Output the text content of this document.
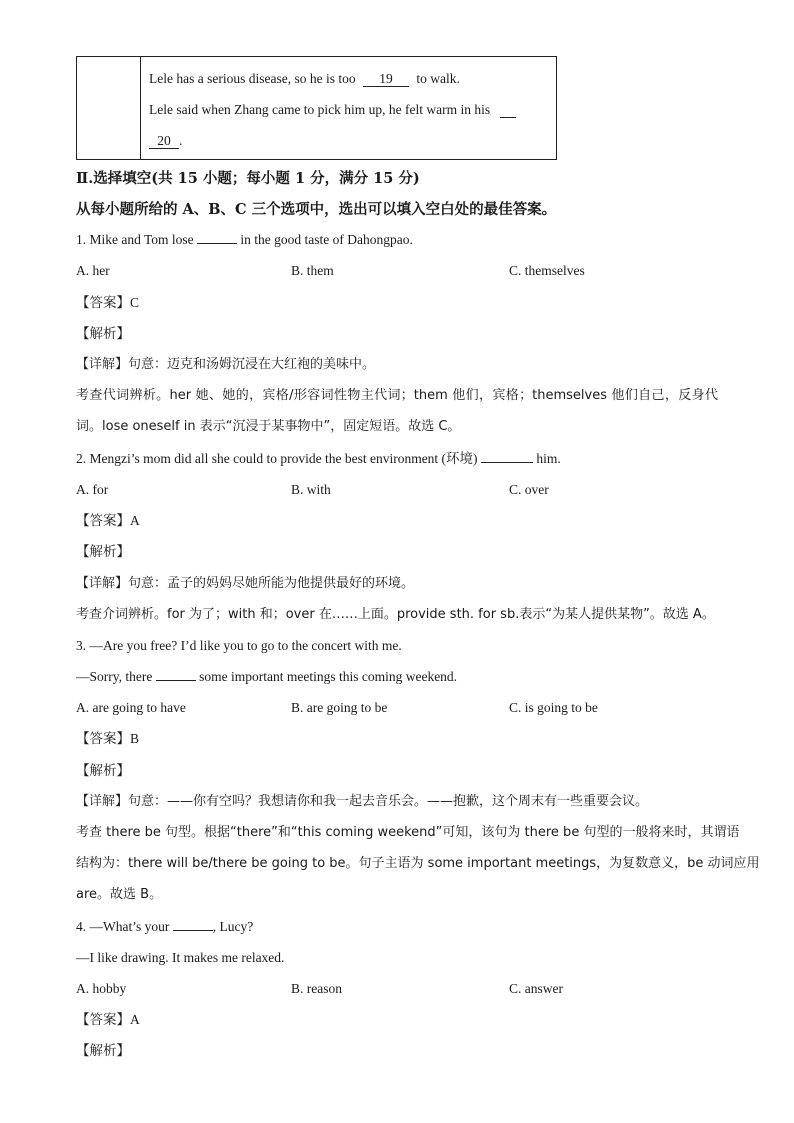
Lele has a serious disease, so he is too 19 to walk.
Lele said when Zhang came to pick him up, he felt warm in his
20 .
Ⅱ.选择填空(共 15 小题；每小题 1 分，满分 15 分)
从每小题所给的 A、B、C 三个选项中，选出可以填入空白处的最佳答案。
1. Mike and Tom lose	in the good taste of Dahongpao.
A. her	B. them	C. themselves
【答案】C
【解析】
【详解】句意：迈克和汤姆沉浸在大红袍的美味中。
考查代词辨析。her 她、她的，宾格/形容词性物主代词；them 他们，宾格；themselves 他们自己，反身代
词。lose oneself in 表示“沉浸于某事物中”，固定短语。故选 C。
2. Mengzi’s mom did all she could to provide the best environment (环境)	him.
A. for	B. with	C. over
【答案】A
【解析】
【详解】句意：孟子的妈妈尽她所能为他提供最好的环境。
考查介词辨析。for 为了；with 和；over 在……上面。provide sth. for sb.表示“为某人提供某物”。故选 A。
3. —Are you free? I’d like you to go to the concert with me.
—Sorry, there	some important meetings this coming weekend.
A. are going to have	B. are going to be	C. is going to be
【答案】B
【解析】
【详解】句意：——你有空吗？我想请你和我一起去音乐会。——抱歉，这个周末有一些重要会议。
考查 there be 句型。根据“there”和“this coming weekend”可知，该句为 there be 句型的一般将来时，其谓语
结构为：there will be/there be going to be。句子主语为 some important meetings，为复数意义，be 动词应用
are。故选 B。
4. —What’s your	, Lucy?
—I like drawing. It makes me relaxed.
A. hobby	B. reason	C. answer
【答案】A
【解析】
